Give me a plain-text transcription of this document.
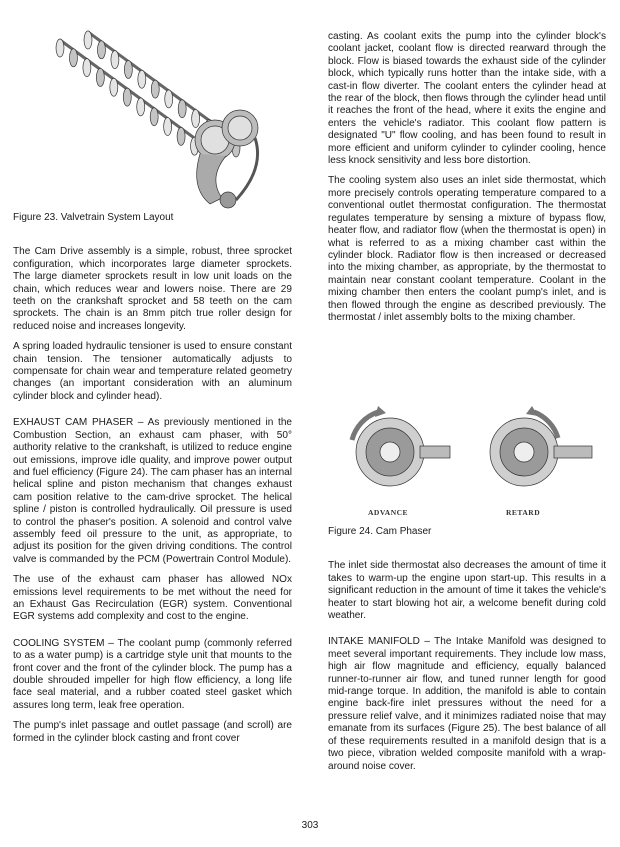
Figure 23. Valvetrain System Layout

The Cam Drive assembly is a simple, robust, three sprocket configuration, which incorporates large diameter sprockets. The large diameter sprockets result in low unit loads on the chain, which reduces wear and lowers noise. There are 29 teeth on the crankshaft sprocket and 58 teeth on the cam sprockets. The chain is an 8mm pitch true roller design for reduced noise and increases longevity.

A spring loaded hydraulic tensioner is used to ensure constant chain tension. The tensioner automatically adjusts to compensate for chain wear and temperature related geometry changes (an important consideration with an aluminum cylinder block and cylinder head).

EXHAUST CAM PHASER – As previously mentioned in the Combustion Section, an exhaust cam phaser, with 50° authority relative to the crankshaft, is utilized to reduce engine out emissions, improve idle quality, and improve power output and fuel efficiency (Figure 24). The cam phaser has an internal helical spline and piston mechanism that changes exhaust cam position relative to the cam-drive sprocket. The helical spline / piston is controlled hydraulically. Oil pressure is used to control the phaser's position. A solenoid and control valve assembly feed oil pressure to the unit, as appropriate, to adjust its position for the given driving conditions. The control valve is commanded by the PCM (Powertrain Control Module).

The use of the exhaust cam phaser has allowed NOx emissions level requirements to be met without the need for an Exhaust Gas Recirculation (EGR) system. Conventional EGR systems add complexity and cost to the engine.

COOLING SYSTEM – The coolant pump (commonly referred to as a water pump) is a cartridge style unit that mounts to the front cover and the front of the cylinder block. The pump has a double shrouded impeller for high flow efficiency, a long life face seal material, and a rubber coated steel gasket which assures long term, leak free operation.

The pump's inlet passage and outlet passage (and scroll) are formed in the cylinder block casting and front cover

casting. As coolant exits the pump into the cylinder block's coolant jacket, coolant flow is directed rearward through the block. Flow is biased towards the exhaust side of the cylinder block, which typically runs hotter than the intake side, with a cast-in flow diverter. The coolant enters the cylinder head at the rear of the block, then flows through the cylinder head until it reaches the front of the head, where it exits the engine and enters the vehicle's radiator. This coolant flow pattern is designated "U" flow cooling, and has been found to result in more efficient and uniform cylinder to cylinder cooling, hence less knock sensitivity and less bore distortion.

The cooling system also uses an inlet side thermostat, which more precisely controls operating temperature compared to a conventional outlet thermostat configuration. The thermostat regulates temperature by sensing a mixture of bypass flow, heater flow, and radiator flow (when the thermostat is open) in what is referred to as a mixing chamber cast within the cylinder block. Radiator flow is then increased or decreased into the mixing chamber, as appropriate, by the thermostat to maintain near constant coolant temperature. Coolant in the mixing chamber then enters the coolant pump's inlet, and is then flowed through the engine as described previously. The thermostat / inlet assembly bolts to the mixing chamber.

ADVANCE	RETARD

Figure 24. Cam Phaser

The inlet side thermostat also decreases the amount of time it takes to warm-up the engine upon start-up. This results in a significant reduction in the amount of time it takes the vehicle's heater to start blowing hot air, a welcome benefit during cold weather.

INTAKE MANIFOLD – The Intake Manifold was designed to meet several important requirements. They include low mass, high air flow magnitude and efficiency, equally balanced runner-to-runner air flow, and tuned runner length for good mid-range torque. In addition, the manifold is able to contain engine back-fire inlet pressures without the need for a pressure relief valve, and it minimizes radiated noise that may emanate from its surfaces (Figure 25). The best balance of all of these requirements resulted in a manifold design that is a two piece, vibration welded composite manifold with a wrap-around noise cover.

303
